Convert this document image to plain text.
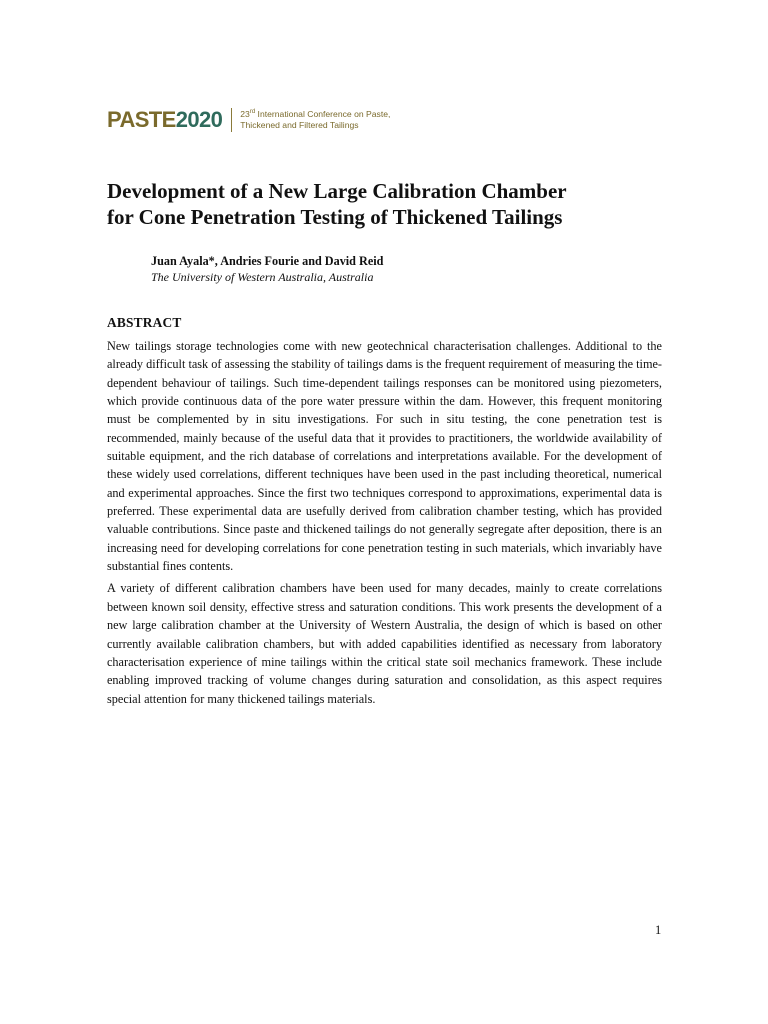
PASTE2020 23rd International Conference on Paste,
Thickened and Filtered Tailings
Development of a New Large Calibration Chamber
for Cone Penetration Testing of Thickened Tailings
Juan Ayala*, Andries Fourie and David Reid
The University of Western Australia, Australia
ABSTRACT

New tailings storage technologies come with new geotechnical characterisation challenges. Additional to the already difficult task of assessing the stability of tailings dams is the frequent requirement of measuring the time-dependent behaviour of tailings. Such time-dependent tailings responses can be monitored using piezometers, which provide continuous data of the pore water pressure within the dam. However, this frequent monitoring must be complemented by in situ investigations. For such in situ testing, the cone penetration test is recommended, mainly because of the useful data that it provides to practitioners, the worldwide availability of suitable equipment, and the rich database of correlations and interpretations available. For the development of these widely used correlations, different techniques have been used in the past including theoretical, numerical and experimental approaches. Since the first two techniques correspond to approximations, experimental data is preferred. These experimental data are usefully derived from calibration chamber testing, which has provided valuable contributions. Since paste and thickened tailings do not generally segregate after deposition, there is an increasing need for developing correlations for cone penetration testing in such materials, which invariably have substantial fines contents.

A variety of different calibration chambers have been used for many decades, mainly to create correlations between known soil density, effective stress and saturation conditions. This work presents the development of a new large calibration chamber at the University of Western Australia, the design of which is based on other currently available calibration chambers, but with added capabilities identified as necessary from laboratory characterisation experience of mine tailings within the critical state soil mechanics framework. These include enabling improved tracking of volume changes during saturation and consolidation, as this aspect requires special attention for many thickened tailings materials.

1
